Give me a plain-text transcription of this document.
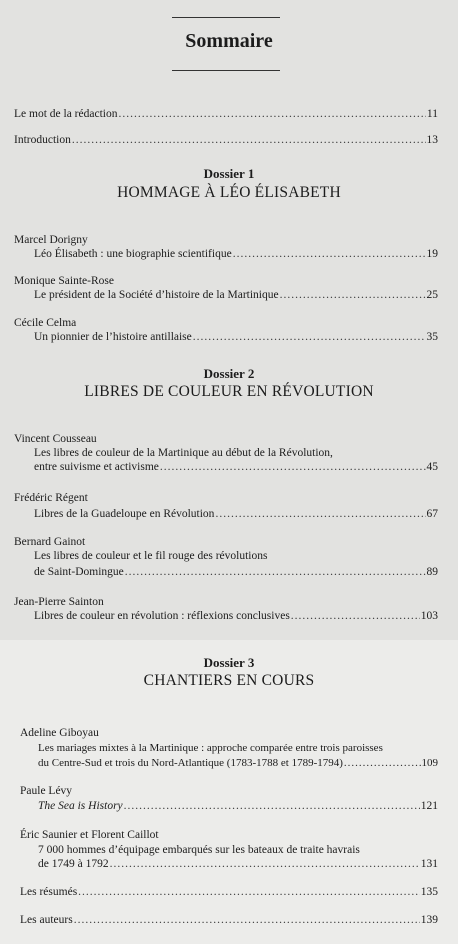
Sommaire
Le mot de la rédaction .....	11
Introduction .....	13
Dossier 1
HOMMAGE À LÉO ÉLISABETH
Marcel Dorigny
Léo Élisabeth : une biographie scientifique .....	19
Monique Sainte-Rose
Le président de la Société d’histoire de la Martinique .....	25
Cécile Celma
Un pionnier de l’histoire antillaise .....	35
Dossier 2
LIBRES DE COULEUR EN RÉVOLUTION
Vincent Cousseau
Les libres de couleur de la Martinique au début de la Révolution,
entre suivisme et activisme .....	45
Frédéric Régent
Libres de la Guadeloupe en Révolution .....	67
Bernard Gainot
Les libres de couleur et le fil rouge des révolutions
de Saint-Domingue .....	89
Jean-Pierre Sainton
Libres de couleur en révolution : réflexions conclusives .....	103
Dossier 3
CHANTIERS EN COURS
Adeline Giboyau
Les mariages mixtes à la Martinique : approche comparée entre trois paroisses
du Centre-Sud et trois du Nord-Atlantique (1783-1788 et 1789-1794) .....	109
Paule Lévy
The Sea is History .....	121
Éric Saunier et Florent Caillot
7 000 hommes d’équipage embarqués sur les bateaux de traite havrais
de 1749 à 1792 .....	131
Les résumés .....	135
Les auteurs .....	139
